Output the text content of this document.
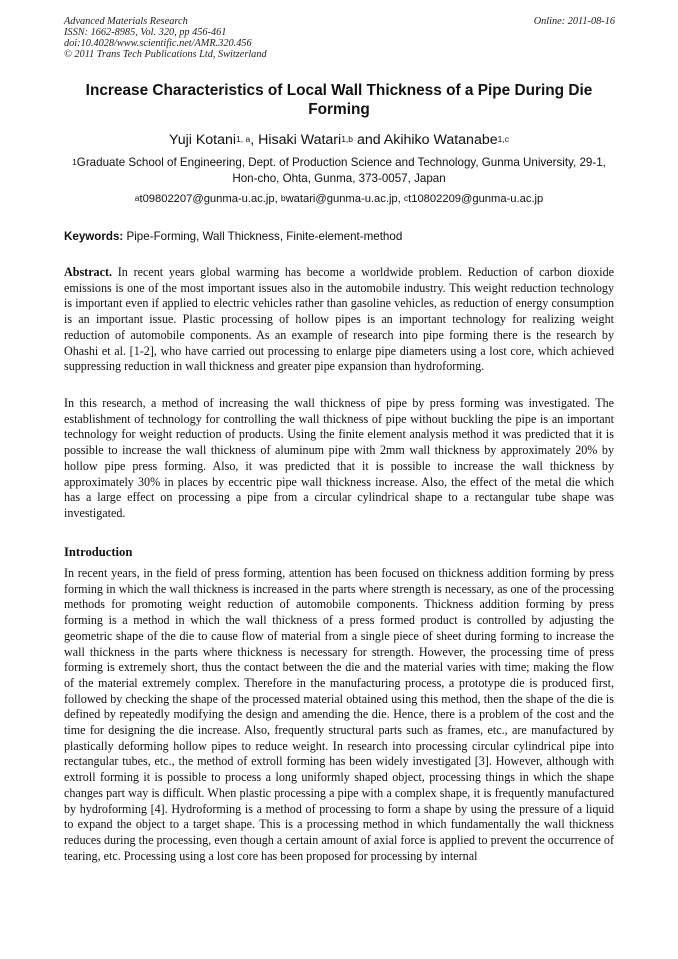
Advanced Materials Research
ISSN: 1662-8985, Vol. 320, pp 456-461
doi:10.4028/www.scientific.net/AMR.320.456
© 2011 Trans Tech Publications Ltd, Switzerland
Online: 2011-08-16
Increase Characteristics of Local Wall Thickness of a Pipe During Die Forming
Yuji Kotani$^{1, a}$, Hisaki Watari$^{1,b}$ and Akihiko Watanabe$^{1,c}$
$^1$Graduate School of Engineering, Dept. of Production Science and Technology, Gunma University, 29-1, Hon-cho, Ohta, Gunma, 373-0057, Japan
$^a$t09802207@gunma-u.ac.jp, $^b$watari@gunma-u.ac.jp, $^c$t10802209@gunma-u.ac.jp
Keywords: Pipe-Forming, Wall Thickness, Finite-element-method

Abstract. In recent years global warming has become a worldwide problem. Reduction of carbon dioxide emissions is one of the most important issues also in the automobile industry. This weight reduction technology is important even if applied to electric vehicles rather than gasoline vehicles, as reduction of energy consumption is an important issue. Plastic processing of hollow pipes is an important technology for realizing weight reduction of automobile components. As an example of research into pipe forming there is the research by Ohashi et al. [1-2], who have carried out processing to enlarge pipe diameters using a lost core, which achieved suppressing reduction in wall thickness and greater pipe expansion than hydroforming.

In this research, a method of increasing the wall thickness of pipe by press forming was investigated. The establishment of technology for controlling the wall thickness of pipe without buckling the pipe is an important technology for weight reduction of products. Using the finite element analysis method it was predicted that it is possible to increase the wall thickness of aluminum pipe with 2mm wall thickness by approximately 20% by hollow pipe press forming. Also, it was predicted that it is possible to increase the wall thickness by approximately 30% in places by eccentric pipe wall thickness increase. Also, the effect of the metal die which has a large effect on processing a pipe from a circular cylindrical shape to a rectangular tube shape was investigated.

Introduction

In recent years, in the field of press forming, attention has been focused on thickness addition forming by press forming in which the wall thickness is increased in the parts where strength is necessary, as one of the processing methods for promoting weight reduction of automobile components. Thickness addition forming by press forming is a method in which the wall thickness of a press formed product is controlled by adjusting the geometric shape of the die to cause flow of material from a single piece of sheet during forming to increase the wall thickness in the parts where thickness is necessary for strength. However, the processing time of press forming is extremely short, thus the contact between the die and the material varies with time; making the flow of the material extremely complex. Therefore in the manufacturing process, a prototype die is produced first, followed by checking the shape of the processed material obtained using this method, then the shape of the die is defined by repeatedly modifying the design and amending the die. Hence, there is a problem of the cost and the time for designing the die increase. Also, frequently structural parts such as frames, etc., are manufactured by plastically deforming hollow pipes to reduce weight. In research into processing circular cylindrical pipe into rectangular tubes, etc., the method of extroll forming has been widely investigated [3]. However, although with extroll forming it is possible to process a long uniformly shaped object, processing things in which the shape changes part way is difficult. When plastic processing a pipe with a complex shape, it is frequently manufactured by hydroforming [4]. Hydroforming is a method of processing to form a shape by using the pressure of a liquid to expand the object to a target shape. This is a processing method in which fundamentally the wall thickness reduces during the processing, even though a certain amount of axial force is applied to prevent the occurrence of tearing, etc. Processing using a lost core has been proposed for processing by internal
